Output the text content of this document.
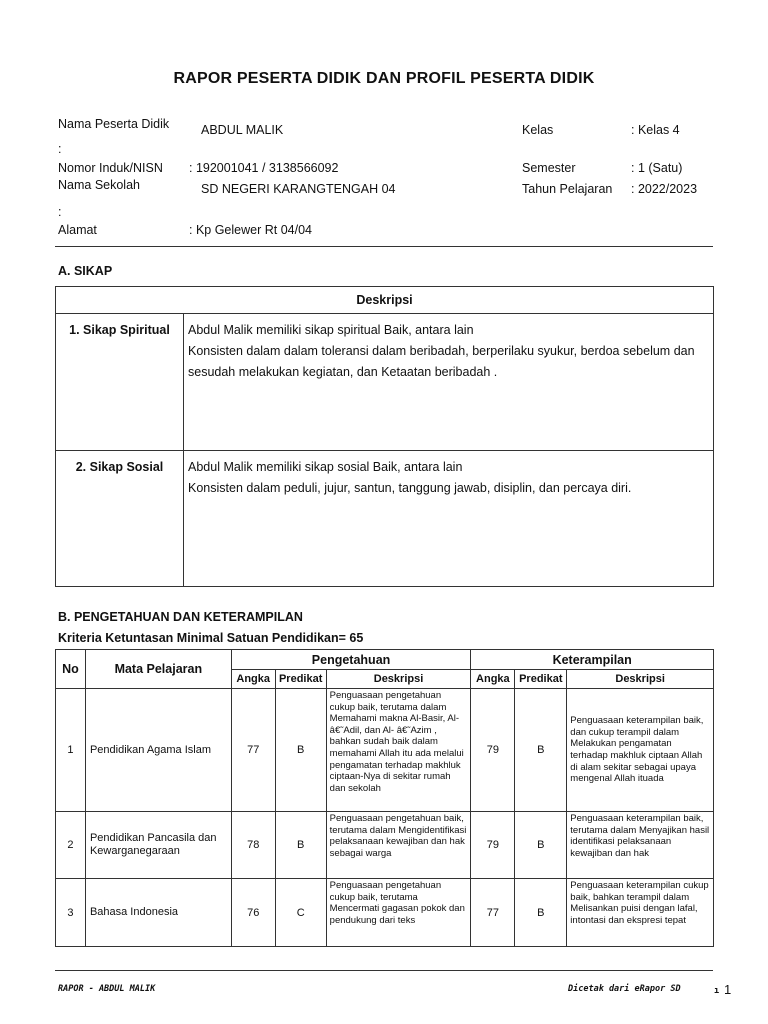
RAPOR PESERTA DIDIK DAN PROFIL PESERTA DIDIK
Nama Peserta Didik	ABDUL MALIK
:
Nomor Induk/NISN : 192001041 / 3138566092
Nama Sekolah	SD NEGERI KARANGTENGAH 04
:
Alamat	: Kp Gelewer Rt 04/04
Kelas	: Kelas 4
Semester	: 1 (Satu)
Tahun Pelajaran : 2022/2023
A. SIKAP
Deskripsi	
1. Sikap Spiritual	Abdul Malik memiliki sikap spiritual Baik, antara lain
Konsisten dalam dalam toleransi dalam beribadah, berperilaku syukur, berdoa sebelum dan sesudah melakukan kegiatan, dan Ketaatan beribadah .

2. Sikap Sosial	Abdul Malik memiliki sikap sosial Baik, antara lain
Konsisten dalam peduli, jujur, santun, tanggung jawab, disiplin, dan percaya diri.
B. PENGETAHUAN DAN KETERAMPILAN
Kriteria Ketuntasan Minimal Satuan Pendidikan= 65
No	Mata Pelajaran	Pengetahuan			Keterampilan		
		Angka	Predikat	Deskripsi	Angka	Predikat	Deskripsi
1	Pendidikan Agama Islam	77	B	Penguasaan pengetahuan cukup baik, terutama dalam Memahami makna Al-Basir, Al-â€˜Adil, dan Al- â€˜Azim , bahkan sudah baik dalam memahami Allah itu ada melalui pengamatan terhadap makhluk ciptaan-Nya di sekitar rumah dan sekolah	79	B	Penguasaan keterampilan baik, dan cukup terampil dalam Melakukan pengamatan terhadap makhluk ciptaan Allah di alam sekitar sebagai upaya mengenal Allah ituada
2	Pendidikan Pancasila dan Kewarganegaraan	78	B	Penguasaan pengetahuan baik, terutama dalam Mengidentifikasi pelaksanaan kewajiban dan hak sebagai warga	79	B	Penguasaan keterampilan baik, terutama dalam Menyajikan hasil identifikasi pelaksanaan kewajiban dan hak
3	Bahasa Indonesia	76	C	Penguasaan pengetahuan cukup baik, terutama Mencermati gagasan pokok dan pendukung dari teks	77	B	Penguasaan keterampilan cukup baik, bahkan terampil dalam Melisankan puisi dengan lafal, intontasi dan ekspresi tepat
RAPOR - ABDUL MALIK	Dicetak dari eRapor SD	ı 1
